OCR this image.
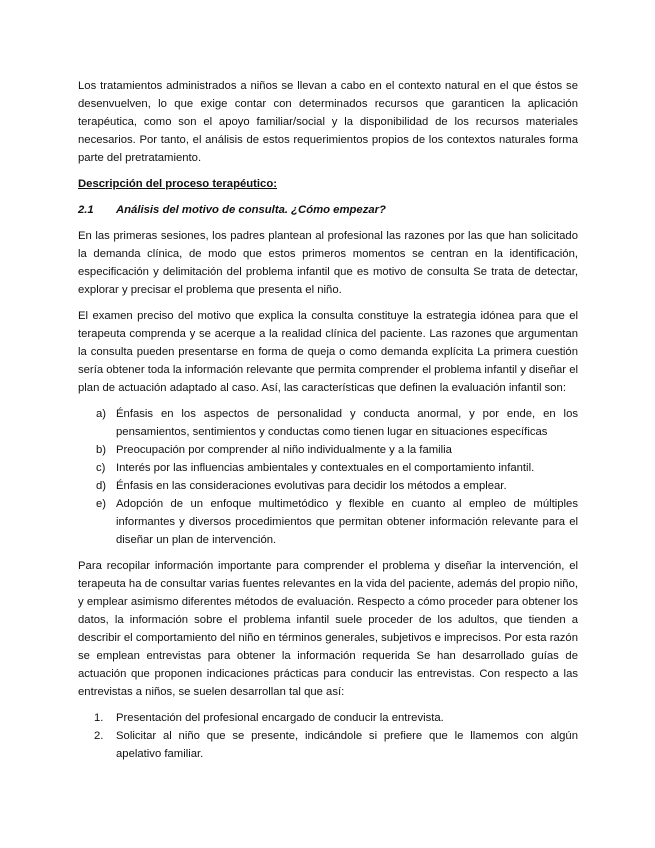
Los tratamientos administrados a niños se llevan a cabo en el contexto natural en el que éstos se desenvuelven, lo que exige contar con determinados recursos que garanticen la aplicación terapéutica, como son el apoyo familiar/social y la disponibilidad de los recursos materiales necesarios. Por tanto, el análisis de estos requerimientos propios de los contextos naturales forma parte del pretratamiento.

Descripción del proceso terapéutico:

2.1 Análisis del motivo de consulta. ¿Cómo empezar?

En las primeras sesiones, los padres plantean al profesional las razones por las que han solicitado la demanda clínica, de modo que estos primeros momentos se centran en la identificación, especificación y delimitación del problema infantil que es motivo de consulta Se trata de detectar, explorar y precisar el problema que presenta el niño.

El examen preciso del motivo que explica la consulta constituye la estrategia idónea para que el terapeuta comprenda y se acerque a la realidad clínica del paciente. Las razones que argumentan la consulta pueden presentarse en forma de queja o como demanda explícita La primera cuestión sería obtener toda la información relevante que permita comprender el problema infantil y diseñar el plan de actuación adaptado al caso. Así, las características que definen la evaluación infantil son:

a) Énfasis en los aspectos de personalidad y conducta anormal, y por ende, en los pensamientos, sentimientos y conductas como tienen lugar en situaciones específicas
b) Preocupación por comprender al niño individualmente y a la familia
c) Interés por las influencias ambientales y contextuales en el comportamiento infantil.
d) Énfasis en las consideraciones evolutivas para decidir los métodos a emplear.
e) Adopción de un enfoque multimetódico y flexible en cuanto al empleo de múltiples informantes y diversos procedimientos que permitan obtener información relevante para el diseñar un plan de intervención.

Para recopilar información importante para comprender el problema y diseñar la intervención, el terapeuta ha de consultar varias fuentes relevantes en la vida del paciente, además del propio niño, y emplear asimismo diferentes métodos de evaluación. Respecto a cómo proceder para obtener los datos, la información sobre el problema infantil suele proceder de los adultos, que tienden a describir el comportamiento del niño en términos generales, subjetivos e imprecisos. Por esta razón se emplean entrevistas para obtener la información requerida Se han desarrollado guías de actuación que proponen indicaciones prácticas para conducir las entrevistas. Con respecto a las entrevistas a niños, se suelen desarrollan tal que así:

1. Presentación del profesional encargado de conducir la entrevista.
2. Solicitar al niño que se presente, indicándole si prefiere que le llamemos con algún apelativo familiar.
